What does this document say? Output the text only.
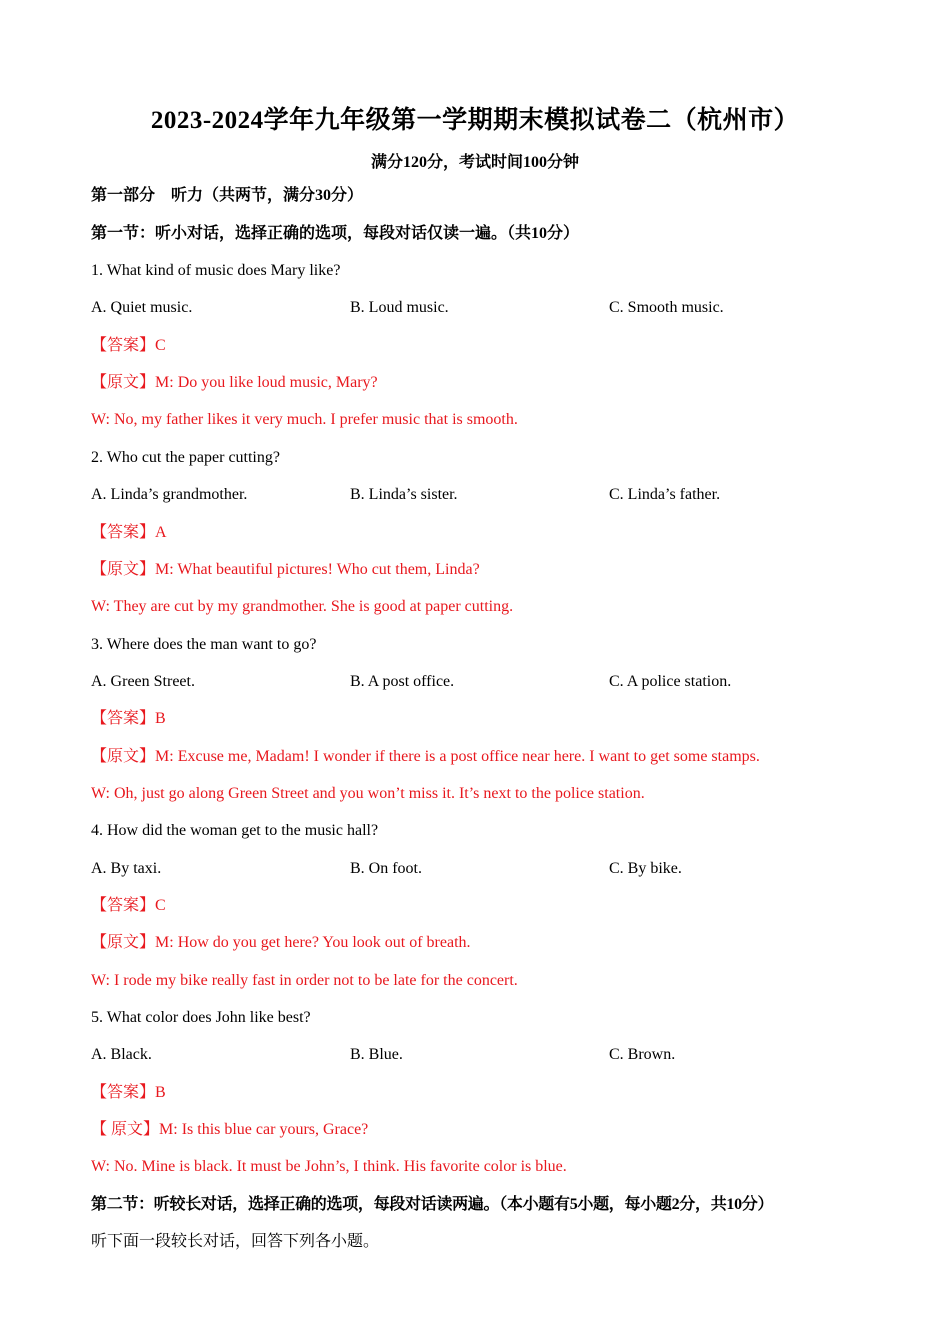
2023-2024学年九年级第一学期期末模拟试卷二（杭州市）
满分120分，考试时间100分钟
第一部分　听力（共两节，满分30分）
第一节：听小对话，选择正确的选项，每段对话仅读一遍。（共10分）
1. What kind of music does Mary like?
A. Quiet music.	B. Loud music.	C. Smooth music.
【答案】C
【原文】M: Do you like loud music, Mary?
W: No, my father likes it very much. I prefer music that is smooth.
2. Who cut the paper cutting?
A. Linda’s grandmother.	B. Linda’s sister.	C. Linda’s father.
【答案】A
【原文】M: What beautiful pictures! Who cut them, Linda?
W: They are cut by my grandmother. She is good at paper cutting.
3. Where does the man want to go?
A. Green Street.	B. A post office.	C. A police station.
【答案】B
【原文】M: Excuse me, Madam! I wonder if there is a post office near here. I want to get some stamps.
W: Oh, just go along Green Street and you won’t miss it. It’s next to the police station.
4. How did the woman get to the music hall?
A. By taxi.	B. On foot.	C. By bike.
【答案】C
【原文】M: How do you get here? You look out of breath.
W: I rode my bike really fast in order not to be late for the concert.
5. What color does John like best?
A. Black.	B. Blue.	C. Brown.
【答案】B
【 原文】M: Is this blue car yours, Grace?
W: No. Mine is black. It must be John’s, I think. His favorite color is blue.
第二节：听较长对话，选择正确的选项，每段对话读两遍。（本小题有5小题，每小题2分，共10分）
听下面一段较长对话，回答下列各小题。
